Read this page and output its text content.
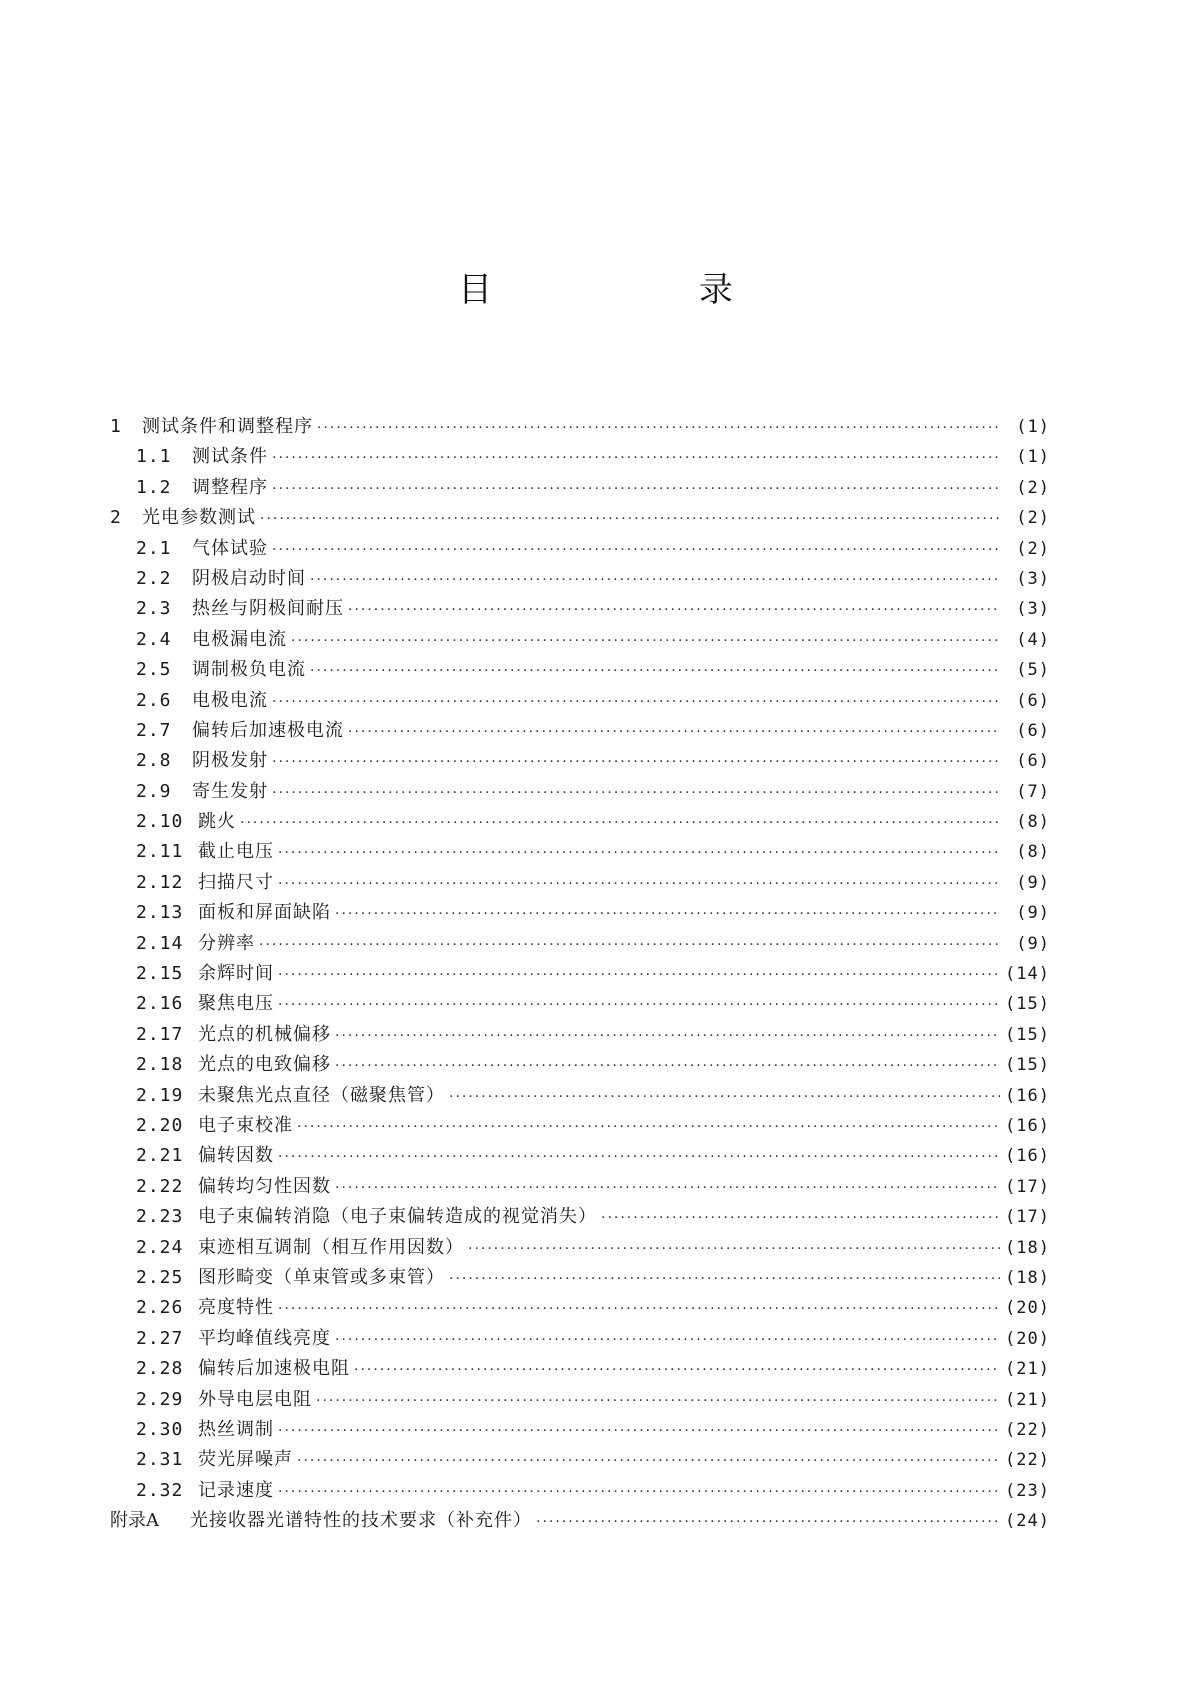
目 录
1	测试条件和调整程序 ·····	(1)
1.1	测试条件 ·····	(1)
1.2	调整程序 ·····	(2)
2	光电参数测试 ·····	(2)
2.1	气体试验 ·····	(2)
2.2	阴极启动时间 ·····	(3)
2.3	热丝与阴极间耐压 ·····	(3)
2.4	电极漏电流 ·····	(4)
2.5	调制极负电流 ·····	(5)
2.6	电极电流 ·····	(6)
2.7	偏转后加速极电流 ·····	(6)
2.8	阴极发射 ·····	(6)
2.9	寄生发射 ·····	(7)
2.10 跳火 ·····	(8)
2.11 截止电压 ·····	(8)
2.12 扫描尺寸 ·····	(9)
2.13 面板和屏面缺陷 ·····	(9)
2.14 分辨率 ·····	(9)
2.15 余辉时间 ·····	(14)
2.16 聚焦电压 ·····	(15)
2.17 光点的机械偏移 ·····	(15)
2.18 光点的电致偏移 ·····	(15)
2.19 未聚焦光点直径（磁聚焦管） ·····	(16)
2.20 电子束校准 ·····	(16)
2.21 偏转因数 ·····	(16)
2.22 偏转均匀性因数 ·····	(17)
2.23 电子束偏转消隐（电子束偏转造成的视觉消失） ·····	(17)
2.24 束迹相互调制（相互作用因数） ·····	(18)
2.25 图形畸变（单束管或多束管） ·····	(18)
2.26 亮度特性 ·····	(20)
2.27 平均峰值线亮度 ·····	(20)
2.28 偏转后加速极电阻 ·····	(21)
2.29 外导电层电阻 ·····	(21)
2.30 热丝调制 ·····	(22)
2.31 荧光屏噪声 ·····	(22)
2.32 记录速度 ·····	(23)
附录A	光接收器光谱特性的技术要求（补充件） ·····	(24)
